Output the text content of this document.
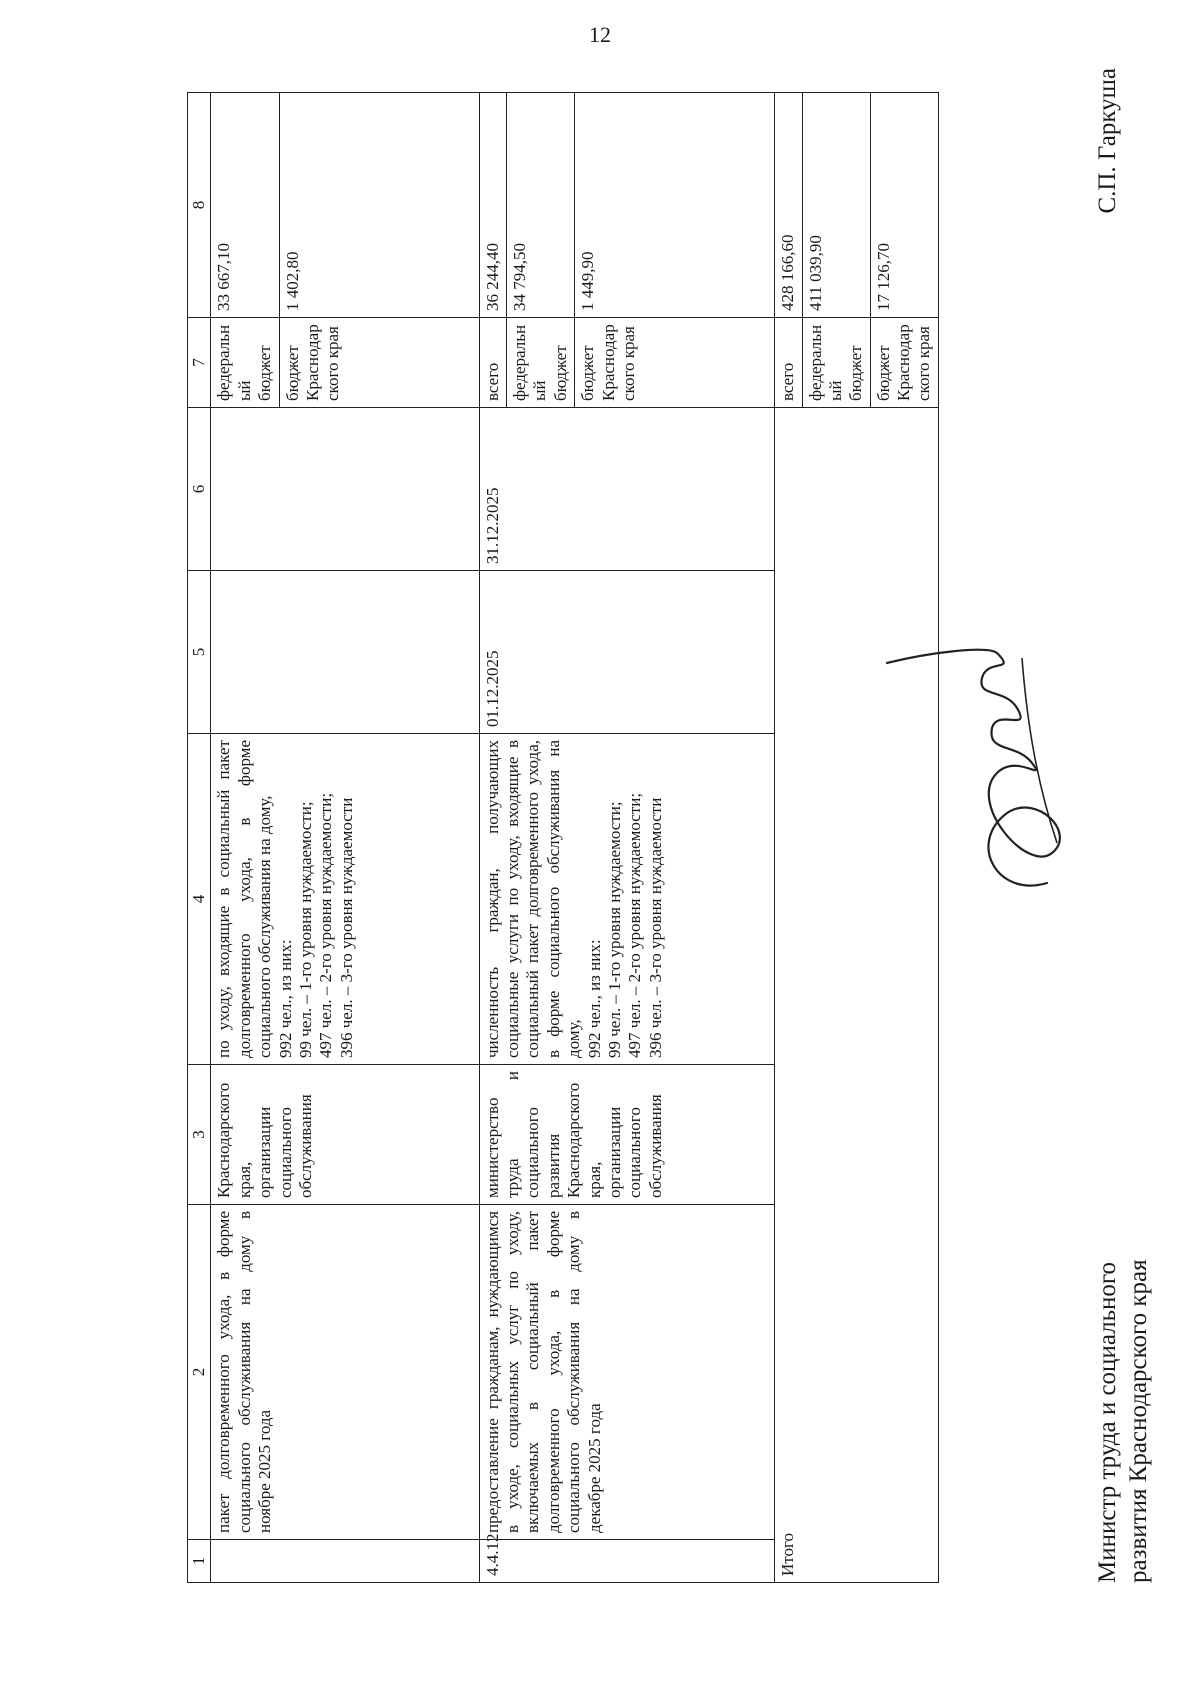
12
1	2	3	4	5	6	7	8
	пакет долговременного ухода, в форме социального обслуживания на дому в ноябре 2025 года	Краснодарского края, организации социального обслуживания	по уходу, входящие в социальный пакет долговременного ухода, в форме социального обслуживания на дому, 992 чел., из них: 99 чел. – 1-го уровня нуждаемости; 497 чел. – 2-го уровня нуждаемости; 396 чел. – 3-го уровня нуждаемости			федеральный бюджет	33 667,10
						бюджет Краснодарского края	1 402,80
4.4.12	предоставление гражданам, нуждающимся в уходе, социальных услуг по уходу, включаемых в социальный пакет долговременного ухода, в форме социального обслуживания на дому в декабре 2025 года	министерство труда и социального развития Краснодарского края, организации социального обслуживания	численность граждан, получающих социальные услуги по уходу, входящие в социальный пакет долговременного ухода, в форме социального обслуживания на дому, 992 чел., из них: 99 чел. – 1-го уровня нуждаемости; 497 чел. – 2-го уровня нуждаемости; 396 чел. – 3-го уровня нуждаемости	01.12.2025	31.12.2025	всего	36 244,40
						федеральный бюджет	34 794,50
						бюджет Краснодарского края	1 449,90
Итого						всего	428 166,60
						федеральный бюджет	411 039,90
						бюджет Краснодарского края	17 126,70
Министр труда и социального развития Краснодарского края
С.П. Гаркуша
